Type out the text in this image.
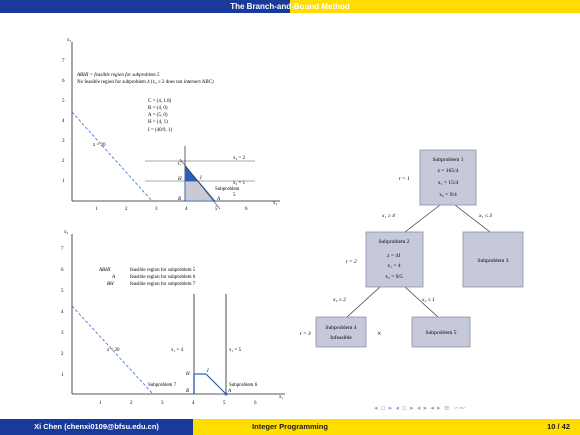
The Branch-and-Bound Method
x₂
x₁
1
2
3
4
5
6
7
1	2	3	4	5	6
ABHI = feasible region for subproblem 5
No feasible region for subproblem 4 (x₂ ≥ 2 does not intersect ABC)
C = (4, 1.8)
B = (4, 0)
A = (5, 0)
H = (4, 1)
I = (40/9, 1)
z = 20
x₂ = 2
x₂ = 1
C
H	I
B	A
Subproblem
5
x₂
x₁
1
2
3
4
5
6
7
1	2	3	4	5	6
ABHI	feasible region for subproblem 5
A	feasible region for subproblem 6
BH	feasible region for subproblem 7
z = 20	x₁ = 4	x₁ = 5
H
I
B	A
Subproblem 7	Subproblem 6
Subproblem 1
z = 165/4
x₁ = 15/4
x₂ = 9/4
t = 1
x₁ ≥ 4	x₁ ≤ 3
Subproblem 2
z = 41
x₁ = 4
x₂ = 9/5
t = 2	Subproblem 3
x₂ ≥ 2	x₂ ≤ 1
Subproblem 4
Infeasible
t = 3	×	Subproblem 5
◂ ▫ ▸ ◂ ▫ ▸ ◂ ▸ ◂ ▸ ≡ ∽∾
Xi Chen (chenxi0109@bfsu.edu.cn)	Integer Programming	10 / 42
